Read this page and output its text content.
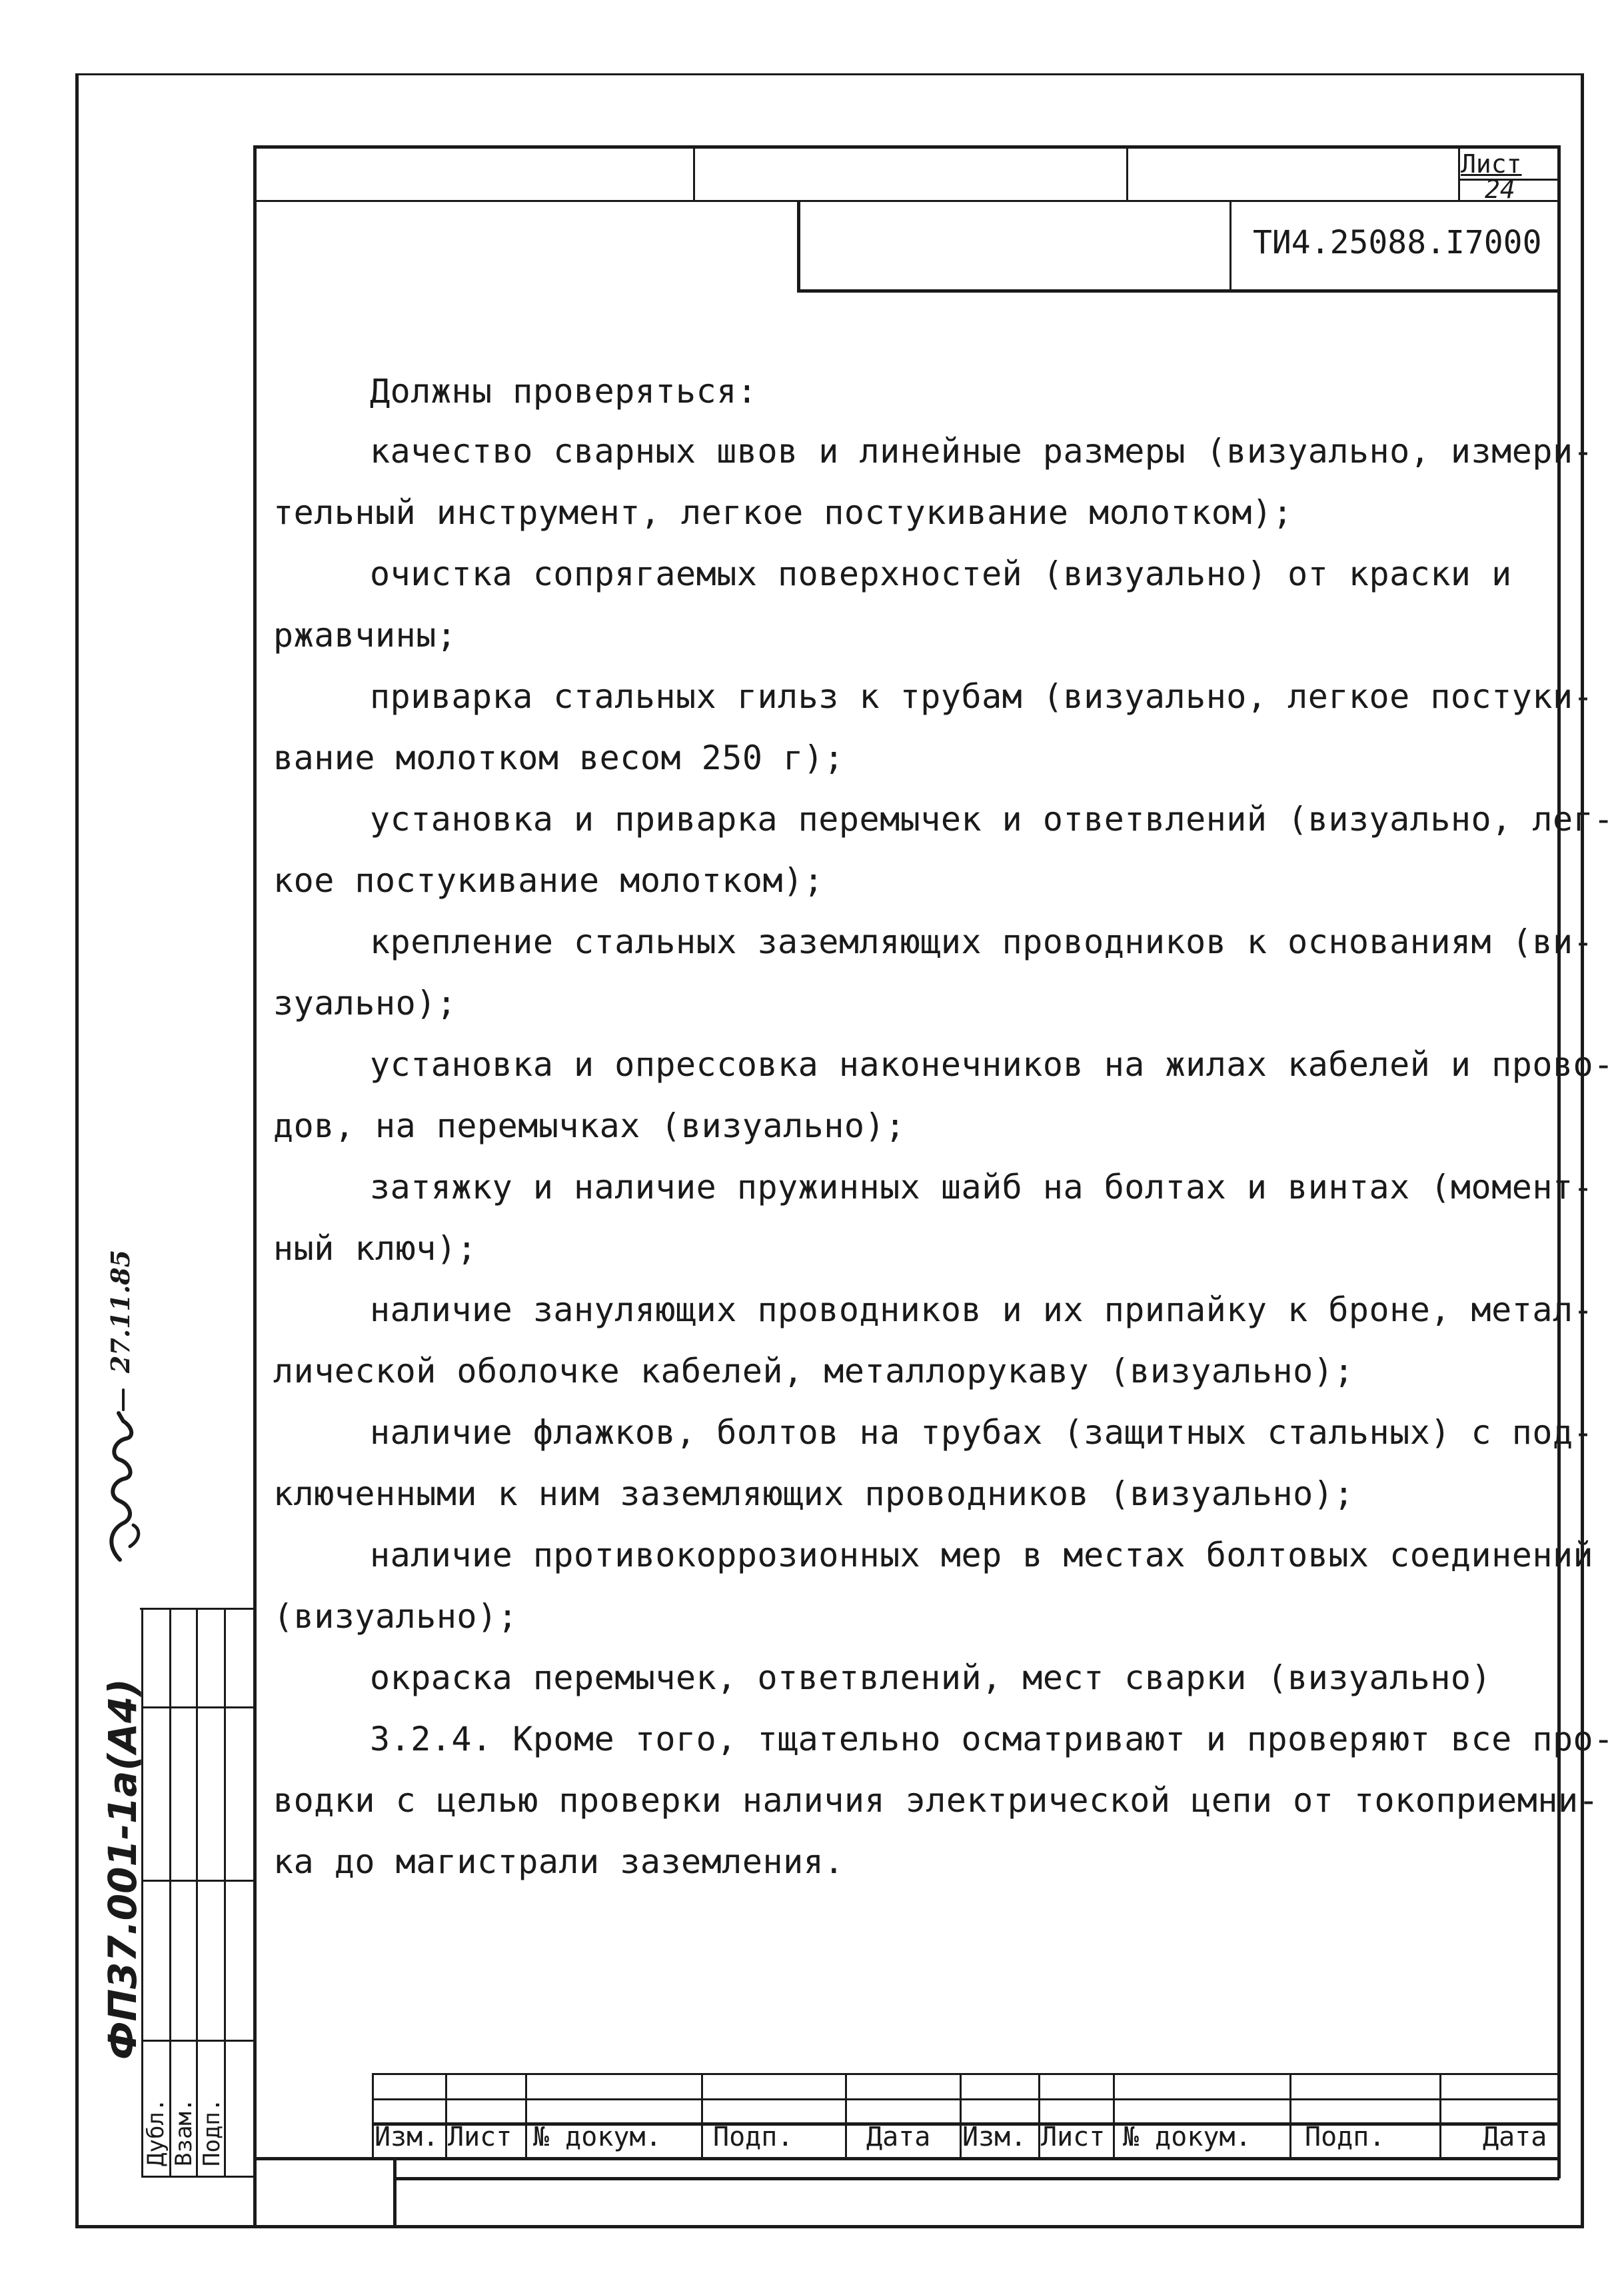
Лист
24
ТИ4.25088.I7000
Должны проверяться:
качество сварных швов и линейные размеры (визуально, измери-
тельный инструмент, легкое постукивание молотком);
очистка сопрягаемых поверхностей (визуально) от краски и
ржавчины;
приварка стальных гильз к трубам (визуально, легкое постуки-
вание молотком весом 250 г);
установка и приварка перемычек и ответвлений (визуально, лег-
кое постукивание молотком);
крепление стальных заземляющих проводников к основаниям (ви-
зуально);
установка и опрессовка наконечников на жилах кабелей и прово-
дов, на перемычках (визуально);
затяжку и наличие пружинных шайб на болтах и винтах (момент-
ный ключ);
наличие зануляющих проводников и их припайку к броне, метал-
лической оболочке кабелей, металлорукаву (визуально);
наличие флажков, болтов на трубах (защитных стальных) с под-
ключенными к ним заземляющих проводников (визуально);
наличие противокоррозионных мер в местах болтовых соединений
(визуально);
окраска перемычек, ответвлений, мест сварки (визуально)
3.2.4. Кроме того, тщательно осматривают и проверяют все про-
водки с целью проверки наличия электрической цепи от токоприемни-
ка до магистрали заземления.
Изм. Лист № докум. Подп.	Дата Изм. Лист № докум. Подп.	Дата
Дубл. Взам. Подп.
ФП37.001-1а(А4)
27.11.85
